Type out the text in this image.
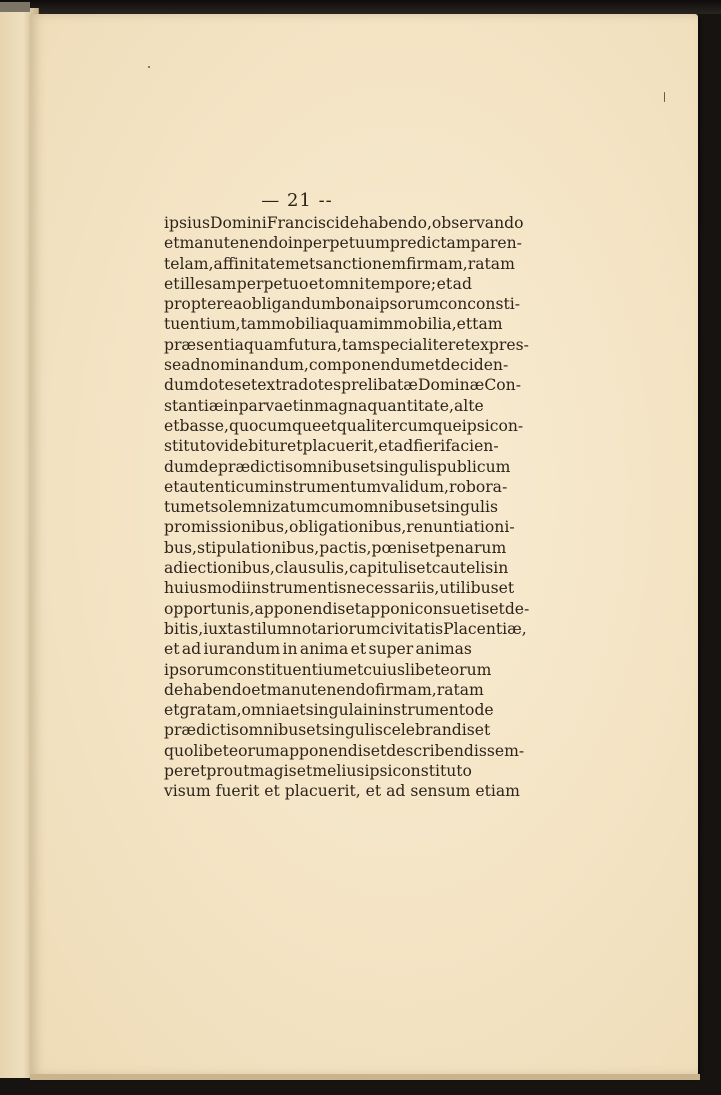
— 21 --
ipsius Domini Francisci de habendo, observando
et manutenendo in perpetuum predictam paren-
telam, affinitatem et sanctionem firmam, ratam
et illesam perpetuo et omni tempore; et ad
propterea obligandum bona ipsorum conconsti-
tuentium, tam mobilia quam immobilia, et tam
præsentia quam futura, tam specialiter et expres-
se ad nominandum, componendum et deciden-
dum dotes et extradotes prelibatæ Dominæ Con-
stantiæ in parva et in magna quantitate, alte
et basse, quocumque et qualitercumque ipsi con-
stituto videbitur et placuerit, et ad fieri facien-
dum de prædictis omnibus et singulis publicum
et autenticum instrumentum validum, robora-
tum et solemnizatum cum omnibus et singulis
promissionibus, obligationibus, renuntiationi-
bus, stipulationibus, pactis, pœnis et penarum
adiectionibus, clausulis, capitulis et cautelis in
huiusmodi instrumentis necessariis, utilibus et
opportunis, apponendis et apponi consuetis et de-
bitis, iuxta stilum notariorum civitatis Placentiæ,
et ad iurandum in anima et super animas
ipsorum constituentium et cuiuslibet eorum
de habendo et manutenendo firmam, ratam
et gratam, omnia et singula in instrumento de
prædictis omnibus et singulis celebrandis et
quolibet eorum apponendis et describendis sem-
per et prout magis et melius ipsi constituto
visum fuerit et placuerit, et ad sensum etiam
